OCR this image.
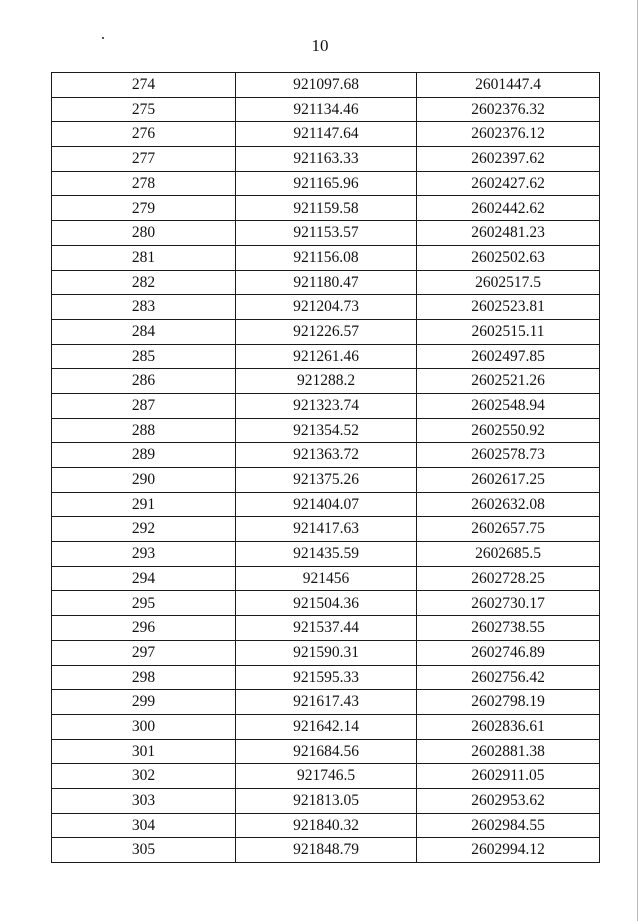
10
274	921097.68	2601447.4
275	921134.46	2602376.32
276	921147.64	2602376.12
277	921163.33	2602397.62
278	921165.96	2602427.62
279	921159.58	2602442.62
280	921153.57	2602481.23
281	921156.08	2602502.63
282	921180.47	2602517.5
283	921204.73	2602523.81
284	921226.57	2602515.11
285	921261.46	2602497.85
286	921288.2	2602521.26
287	921323.74	2602548.94
288	921354.52	2602550.92
289	921363.72	2602578.73
290	921375.26	2602617.25
291	921404.07	2602632.08
292	921417.63	2602657.75
293	921435.59	2602685.5
294	921456	2602728.25
295	921504.36	2602730.17
296	921537.44	2602738.55
297	921590.31	2602746.89
298	921595.33	2602756.42
299	921617.43	2602798.19
300	921642.14	2602836.61
301	921684.56	2602881.38
302	921746.5	2602911.05
303	921813.05	2602953.62
304	921840.32	2602984.55
305	921848.79	2602994.12
